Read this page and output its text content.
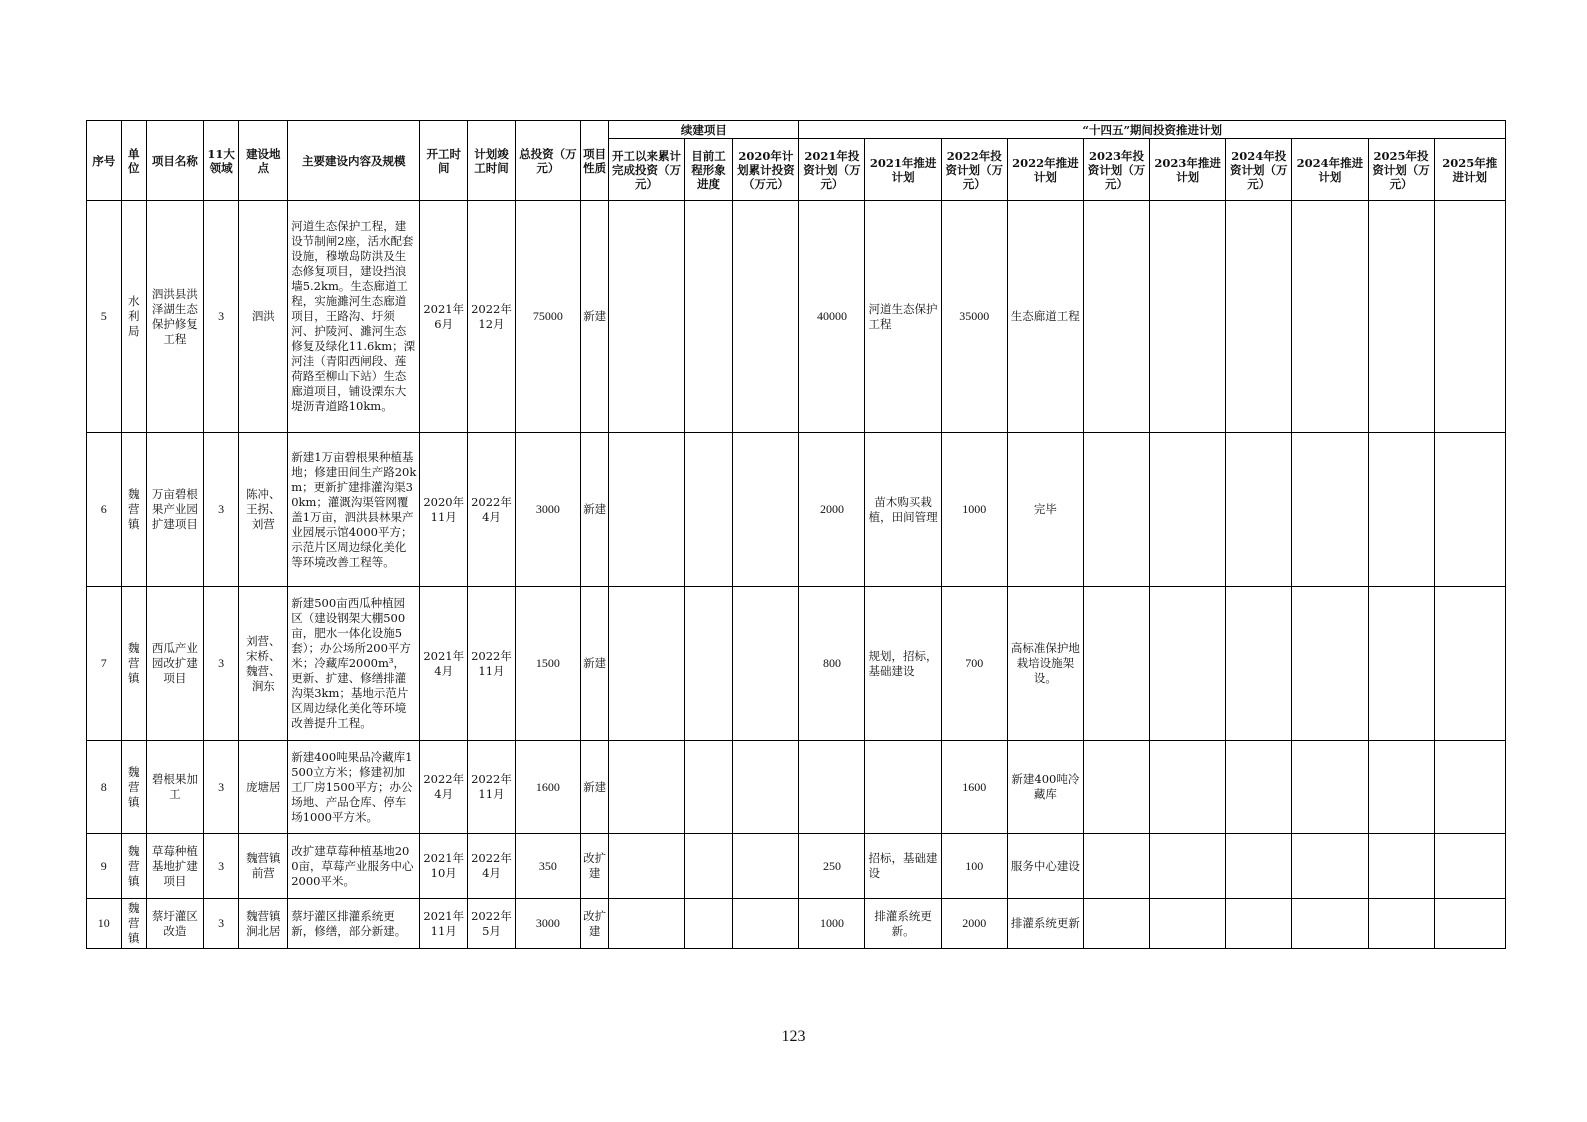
序号	单位	项目名称	11大领域	建设地点	主要建设内容及规模	开工时间	计划竣工时间	总投资（万元）	项目性质	续建项目			“十四五”期间投资推进计划									
										开工以来累计完成投资（万元）	目前工程形象进度	2020年计划累计投资（万元）	2021年投资计划（万元）	2021年推进计划	2022年投资计划（万元）	2022年推进计划	2023年投资计划（万元）	2023年推进计划	2024年投资计划（万元）	2024年推进计划	2025年投资计划（万元）	2025年推进计划
5	水利局	泗洪县洪泽湖生态保护修复工程	3	泗洪	河道生态保护工程，建设节制闸2座，活水配套设施，穆墩岛防洪及生态修复项目，建设挡浪墙5.2km。生态廊道工程，实施濉河生态廊道项目，王路沟、圩须河、护陵河、濉河生态修复及绿化11.6km；溧河洼（青阳西闸段、莲荷路至柳山下站）生态廊道项目，铺设溧东大堤沥青道路10km。	2021年6月	2022年12月	75000	新建				40000	河道生态保护工程	35000	生态廊道工程						
6	魏营镇	万亩碧根果产业园扩建项目	3	陈冲、王拐、刘营	新建1万亩碧根果种植基地；修建田间生产路20km；更新扩建排灌沟渠30km；灌溉沟渠管网覆盖1万亩，泗洪县林果产业园展示馆4000平方；示范片区周边绿化美化等环境改善工程等。	2020年11月	2022年4月	3000	新建				2000	苗木购买栽植，田间管理	1000	完毕						
7	魏营镇	西瓜产业园改扩建项目	3	刘营、宋桥、魏营、涧东	新建500亩西瓜种植园区（建设钢架大棚500亩，肥水一体化设施5套）；办公场所200平方米；冷藏库2000m³，更新、扩建、修缮排灌沟渠3km；基地示范片区周边绿化美化等环境改善提升工程。	2021年4月	2022年11月	1500	新建				800	规划，招标，基础建设	700	高标准保护地栽培设施架设。						
8	魏营镇	碧根果加工	3	庞塘居	新建400吨果品冷藏库1500立方米；修建初加工厂房1500平方；办公场地、产品仓库、停车场1000平方米。	2022年4月	2022年11月	1600	新建						1600	新建400吨冷藏库						
9	魏营镇	草莓种植基地扩建项目	3	魏营镇前营	改扩建草莓种植基地200亩，草莓产业服务中心2000平米。	2021年10月	2022年4月	350	改扩建				250	招标，基础建设	100	服务中心建设						
10	魏营镇	蔡圩灌区改造	3	魏营镇涧北居	蔡圩灌区排灌系统更新，修缮，部分新建。	2021年11月	2022年5月	3000	改扩建				1000	排灌系统更新。	2000	排灌系统更新						
123
